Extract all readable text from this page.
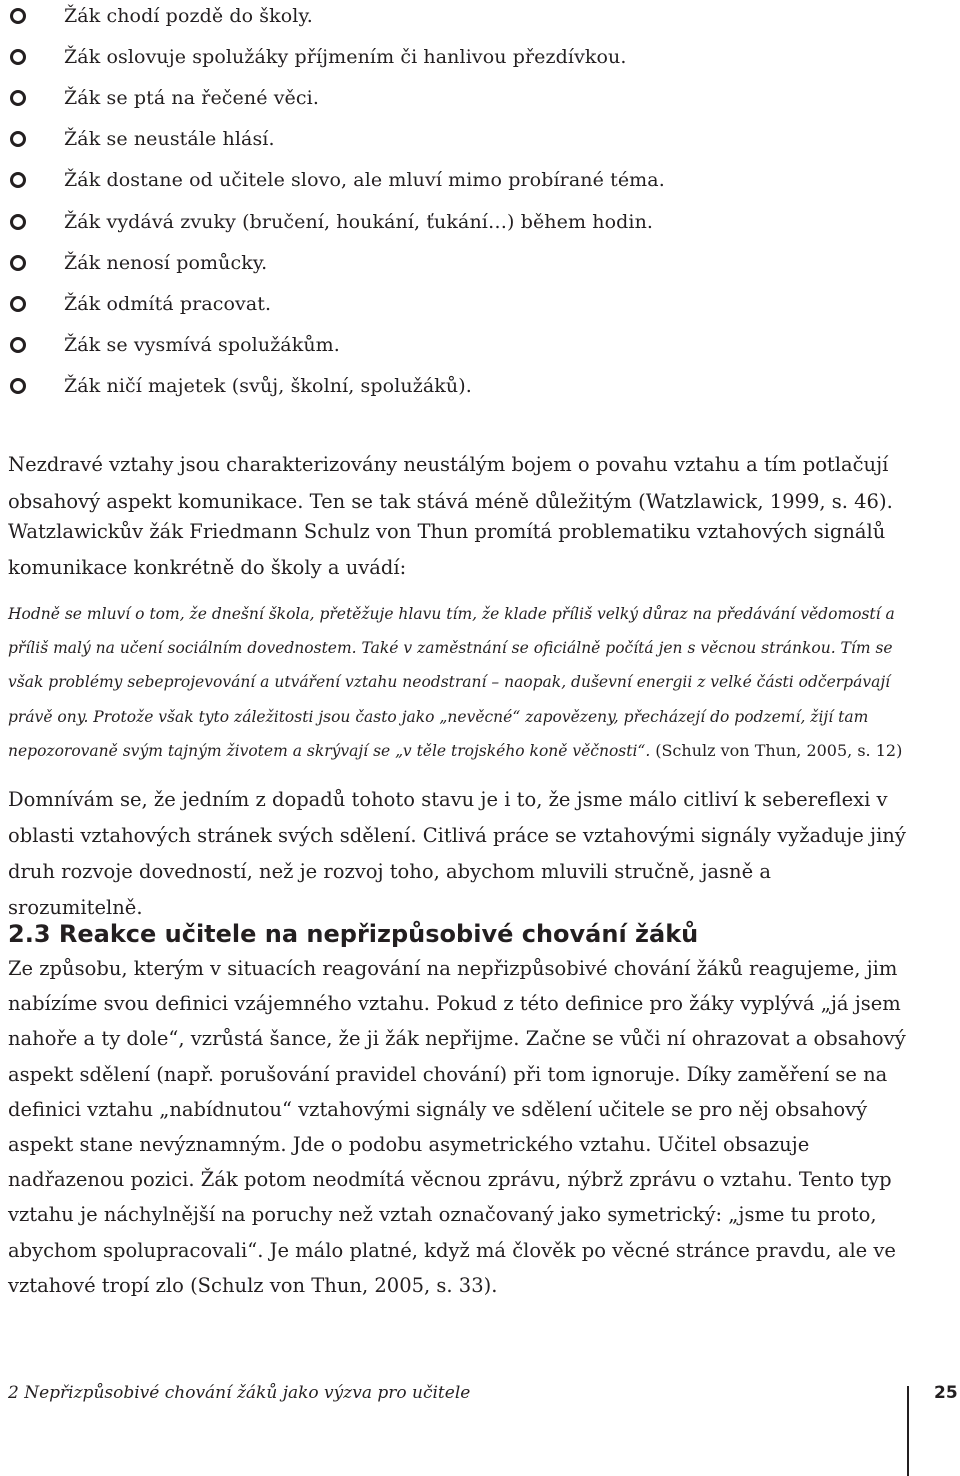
Žák chodí pozdě do školy.
Žák oslovuje spolužáky příjmením či hanlivou přezdívkou.
Žák se ptá na řečené věci.
Žák se neustále hlásí.
Žák dostane od učitele slovo, ale mluví mimo probírané téma.
Žák vydává zvuky (bručení, houkání, ťukání…) během hodin.
Žák nenosí pomůcky.
Žák odmítá pracovat.
Žák se vysmívá spolužákům.
Žák ničí majetek (svůj, školní, spolužáků).

Nezdravé vztahy jsou charakterizovány neustálým bojem o povahu vztahu a tím potlačují obsahový aspekt komunikace. Ten se tak stává méně důležitým (Watzlawick, 1999, s. 46).

Watzlawickův žák Friedmann Schulz von Thun promítá problematiku vztahových signálů komunikace konkrétně do školy a uvádí:

Hodně se mluví o tom, že dnešní škola, přetěžuje hlavu tím, že klade příliš velký důraz na předávání vědomostí a příliš malý na učení sociálním dovednostem. Také v zaměstnání se oficiálně počítá jen s věcnou stránkou. Tím se však problémy sebeprojevování a utváření vztahu neodstraní – naopak, duševní energii z velké části odčerpávají právě ony. Protože však tyto záležitosti jsou často jako „nevěcné“ zapovězeny, přecházejí do podzemí, žijí tam nepozorovaně svým tajným životem a skrývají se „v těle trojského koně věčnosti“. (Schulz von Thun, 2005, s. 12)

Domnívám se, že jedním z dopadů tohoto stavu je i to, že jsme málo citliví k sebereflexi v oblasti vztahových stránek svých sdělení. Citlivá práce se vztahovými signály vyžaduje jiný druh rozvoje dovedností, než je rozvoj toho, abychom mluvili stručně, jasně a srozumitelně.

2.3 Reakce učitele na nepřizpůsobivé chování žáků

Ze způsobu, kterým v situacích reagování na nepřizpůsobivé chování žáků reagujeme, jim nabízíme svou definici vzájemného vztahu. Pokud z této definice pro žáky vyplývá „já jsem nahoře a ty dole“, vzrůstá šance, že ji žák nepřijme. Začne se vůči ní ohrazovat a obsahový aspekt sdělení (např. porušování pravidel chování) při tom ignoruje. Díky zaměření se na definici vztahu „nabídnutou“ vztahovými signály ve sdělení učitele se pro něj obsahový aspekt stane nevýznamným. Jde o podobu asymetrického vztahu. Učitel obsazuje nadřazenou pozici. Žák potom neodmítá věcnou zprávu, nýbrž zprávu o vztahu. Tento typ vztahu je náchylnější na poruchy než vztah označovaný jako symetrický: „jsme tu proto, abychom spolupracovali“. Je málo platné, když má člověk po věcné stránce pravdu, ale ve vztahové tropí zlo (Schulz von Thun, 2005, s. 33).

2 Nepřizpůsobivé chování žáků jako výzva pro učitele	25
